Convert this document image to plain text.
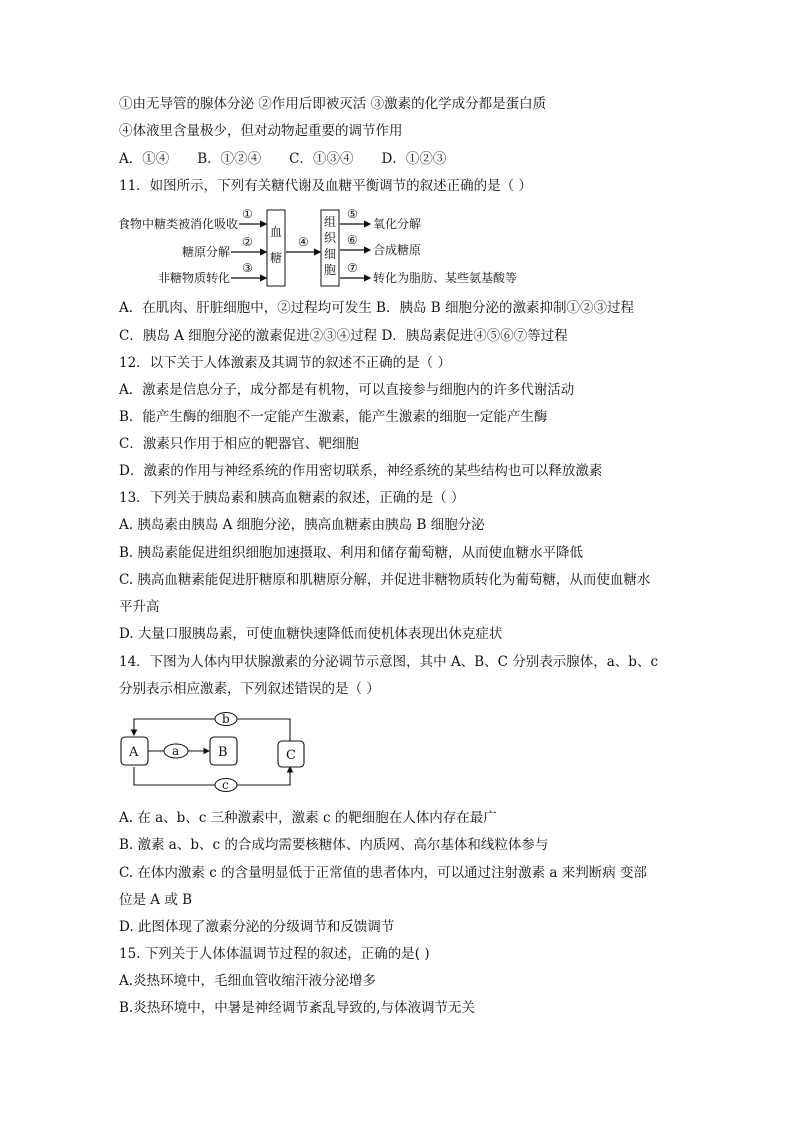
①由无导管的腺体分泌 ②作用后即被灭活 ③激素的化学成分都是蛋白质
④体液里含量极少，但对动物起重要的调节作用
A．①④ B．①②④ C．①③④ D．①②③
11．如图所示，下列有关糖代谢及血糖平衡调节的叙述正确的是（ ）
食物中糖类被消化吸收
糖原分解
非糖物质转化
①
②
③
血
糖
④
组
织
细
胞
⑤
⑥
⑦
氧化分解
合成糖原
转化为脂肪、某些氨基酸等
A．在肌肉、肝脏细胞中，②过程均可发生 B．胰岛 B 细胞分泌的激素抑制①②③过程
C．胰岛 A 细胞分泌的激素促进②③④过程 D．胰岛素促进④⑤⑥⑦等过程
12．以下关于人体激素及其调节的叙述不正确的是（ ）
A．激素是信息分子，成分都是有机物，可以直接参与细胞内的许多代谢活动
B．能产生酶的细胞不一定能产生激素，能产生激素的细胞一定能产生酶
C．激素只作用于相应的靶器官、靶细胞
D．激素的作用与神经系统的作用密切联系，神经系统的某些结构也可以释放激素
13．下列关于胰岛素和胰高血糖素的叙述，正确的是（ ）
A. 胰岛素由胰岛 A 细胞分泌，胰高血糖素由胰岛 B 细胞分泌
B. 胰岛素能促进组织细胞加速摄取、利用和储存葡萄糖，从而使血糖水平降低
C. 胰高血糖素能促进肝糖原和肌糖原分解，并促进非糖物质转化为葡萄糖，从而使血糖水
平升高
D. 大量口服胰岛素，可使血糖快速降低而使机体表现出休克症状
14．下图为人体内甲状腺激素的分泌调节示意图，其中 A、B、C 分别表示腺体，a、b、c
分别表示相应激素，下列叙述错误的是（ ）
A	a	B	C
b
c
A. 在 a、b、c 三种激素中，激素 c 的靶细胞在人体内存在最广
B. 激素 a、b、c 的合成均需要核糖体、内质网、高尔基体和线粒体参与
C. 在体内激素 c 的含量明显低于正常值的患者体内，可以通过注射激素 a 来判断病 变部
位是 A 或 B
D. 此图体现了激素分泌的分级调节和反馈调节
15. 下列关于人体体温调节过程的叙述，正确的是( )
A.炎热环境中，毛细血管收缩汗液分泌增多
B.炎热环境中，中暑是神经调节紊乱导致的,与体液调节无关
